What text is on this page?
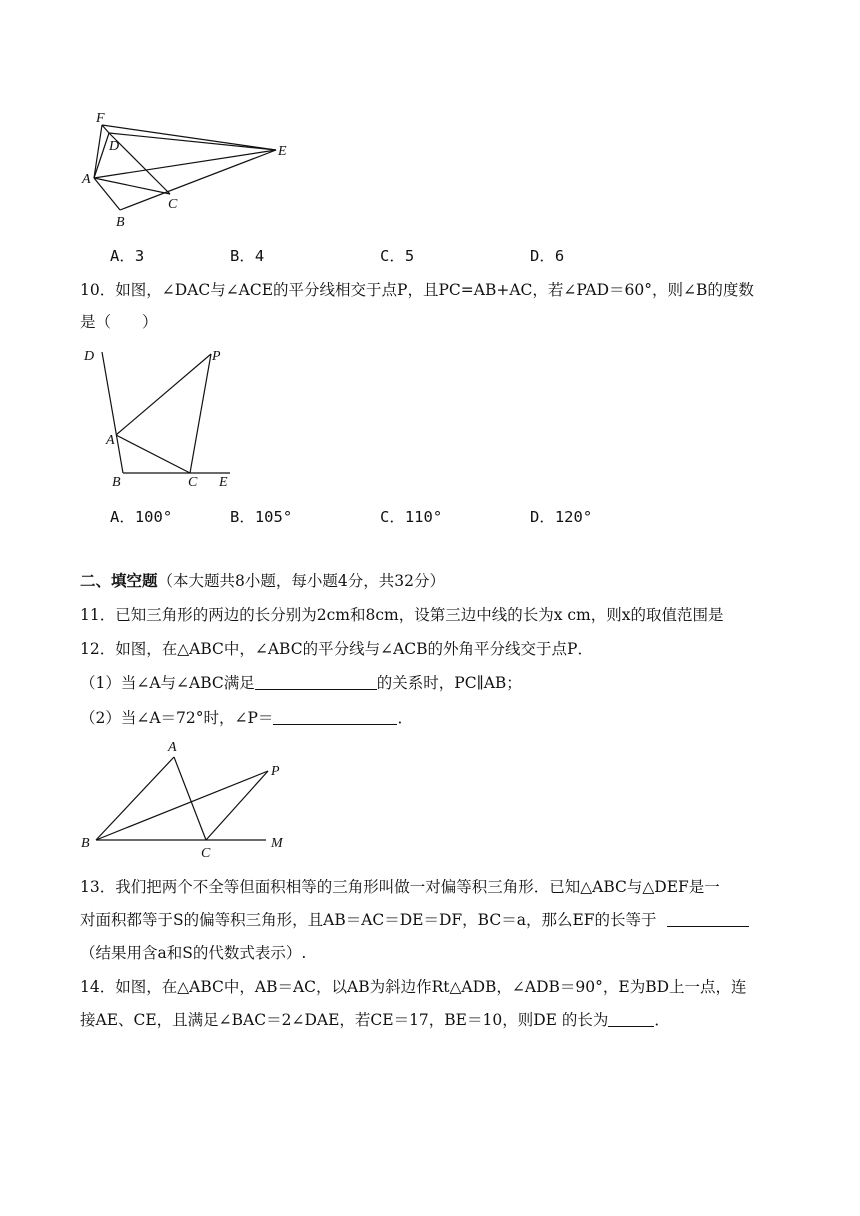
F
D	E
A
C
B
A．3	B．4	C．5	D．6
10．如图，∠DAC与∠ACE的平分线相交于点P，且PC=AB+AC，若∠PAD＝60°，则∠B的度数
是（　　）
D	P
A
B	C E
A．100°	B．105°	C．110°	D．120°
二、填空题（本大题共8小题，每小题4分，共32分）
11．已知三角形的两边的长分别为2cm和8cm，设第三边中线的长为x cm，则x的取值范围是
12．如图，在△ABC中，∠ABC的平分线与∠ACB的外角平分线交于点P．
（1）当∠A与∠ABC满足	的关系时，PC∥AB；
（2）当∠A＝72°时，∠P＝	．
A
P
B
C
M
13．我们把两个不全等但面积相等的三角形叫做一对偏等积三角形．已知△ABC与△DEF是一
对面积都等于S的偏等积三角形，且AB＝AC＝DE＝DF，BC＝a，那么EF的长等于
（结果用含a和S的代数式表示）.
14．如图，在△ABC中，AB＝AC，以AB为斜边作Rt△ADB，∠ADB＝90°，E为BD上一点，连
接AE、CE，且满足∠BAC＝2∠DAE，若CE＝17，BE＝10，则DE 的长为	．
